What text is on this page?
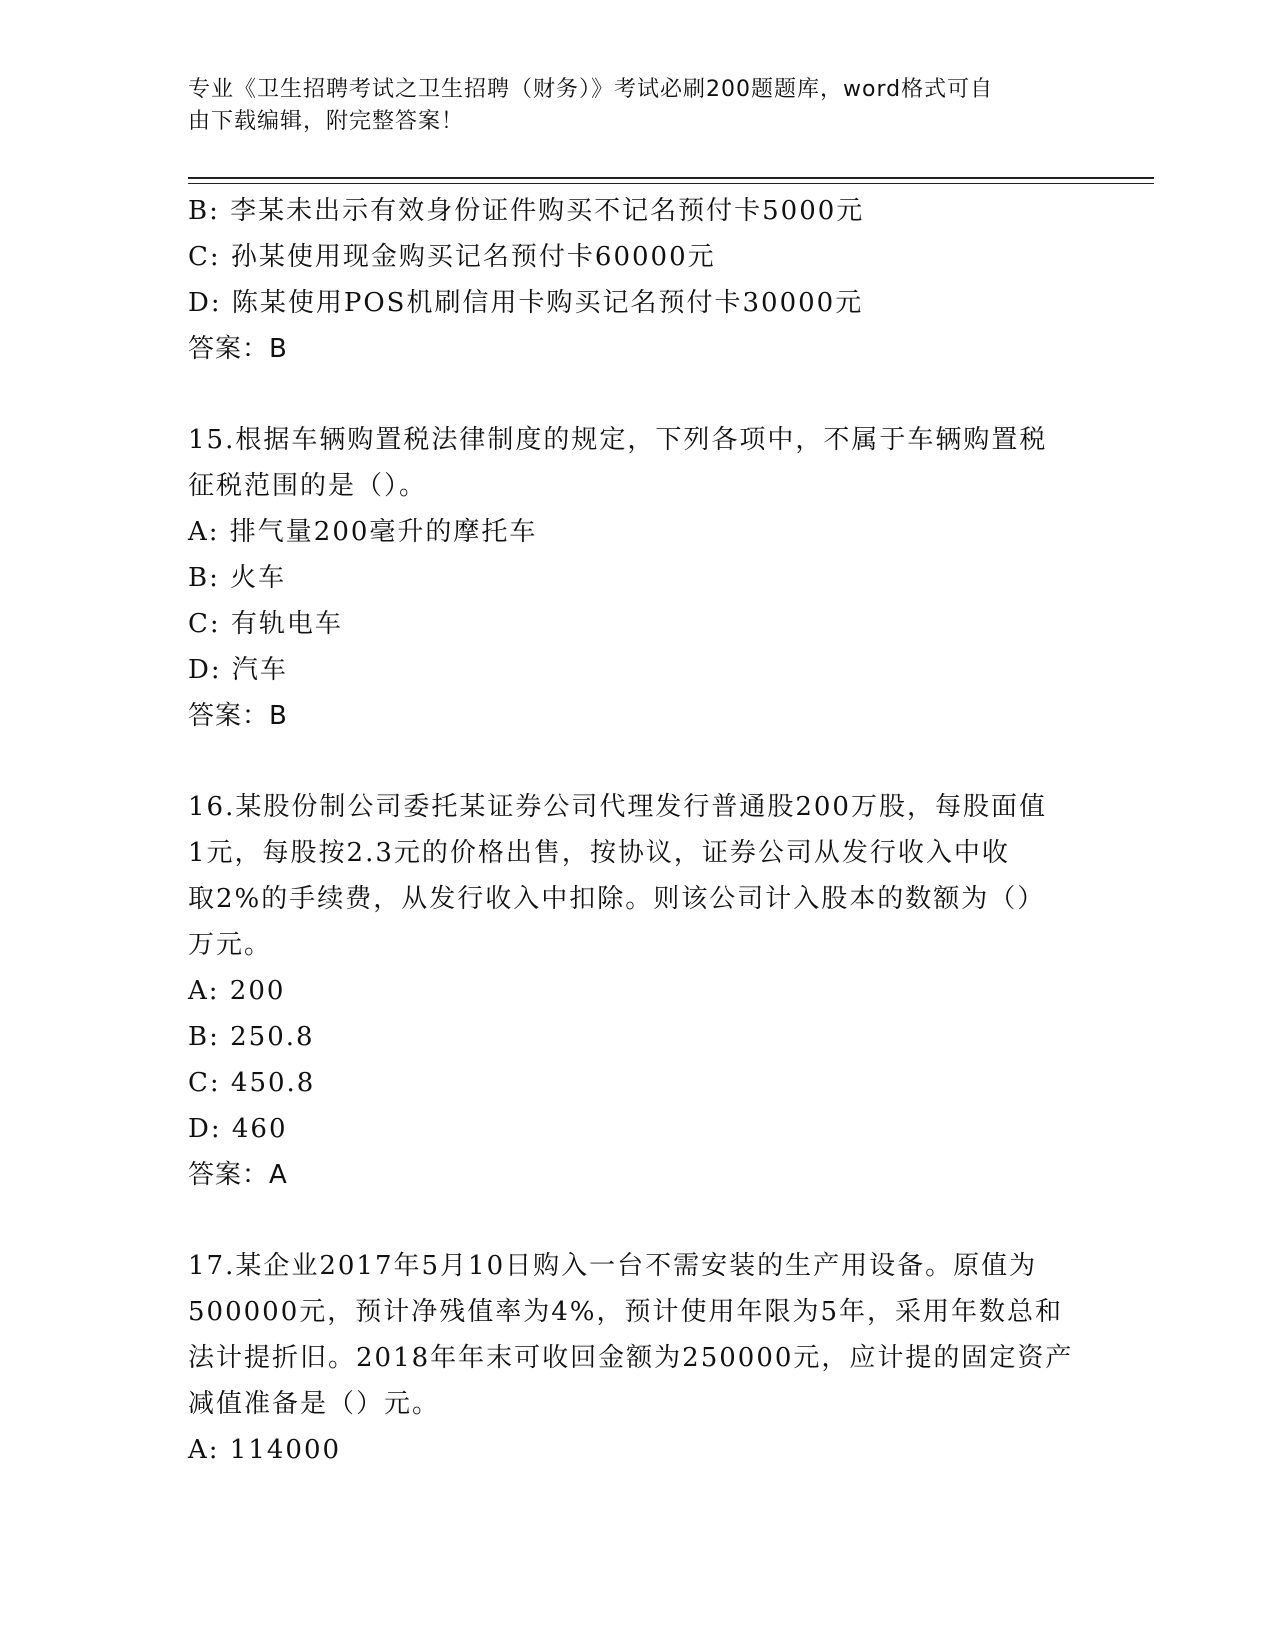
专业《卫生招聘考试之卫生招聘（财务）》考试必刷200题题库，word格式可自
由下载编辑，附完整答案！
B: 李某未出示有效身份证件购买不记名预付卡5000元
C: 孙某使用现金购买记名预付卡60000元
D: 陈某使用POS机刷信用卡购买记名预付卡30000元
答案：B
15.根据车辆购置税法律制度的规定，下列各项中，不属于车辆购置税
征税范围的是（）。
A: 排气量200毫升的摩托车
B: 火车
C: 有轨电车
D: 汽车
答案：B
16.某股份制公司委托某证券公司代理发行普通股200万股，每股面值
1元，每股按2.3元的价格出售，按协议，证券公司从发行收入中收
取2%的手续费，从发行收入中扣除。则该公司计入股本的数额为（）
万元。
A: 200
B: 250.8
C: 450.8
D: 460
答案：A
17.某企业2017年5月10日购入一台不需安装的生产用设备。原值为
500000元，预计净残值率为4%，预计使用年限为5年，采用年数总和
法计提折旧。2018年年末可收回金额为250000元，应计提的固定资产
减值准备是（）元。
A: 114000
